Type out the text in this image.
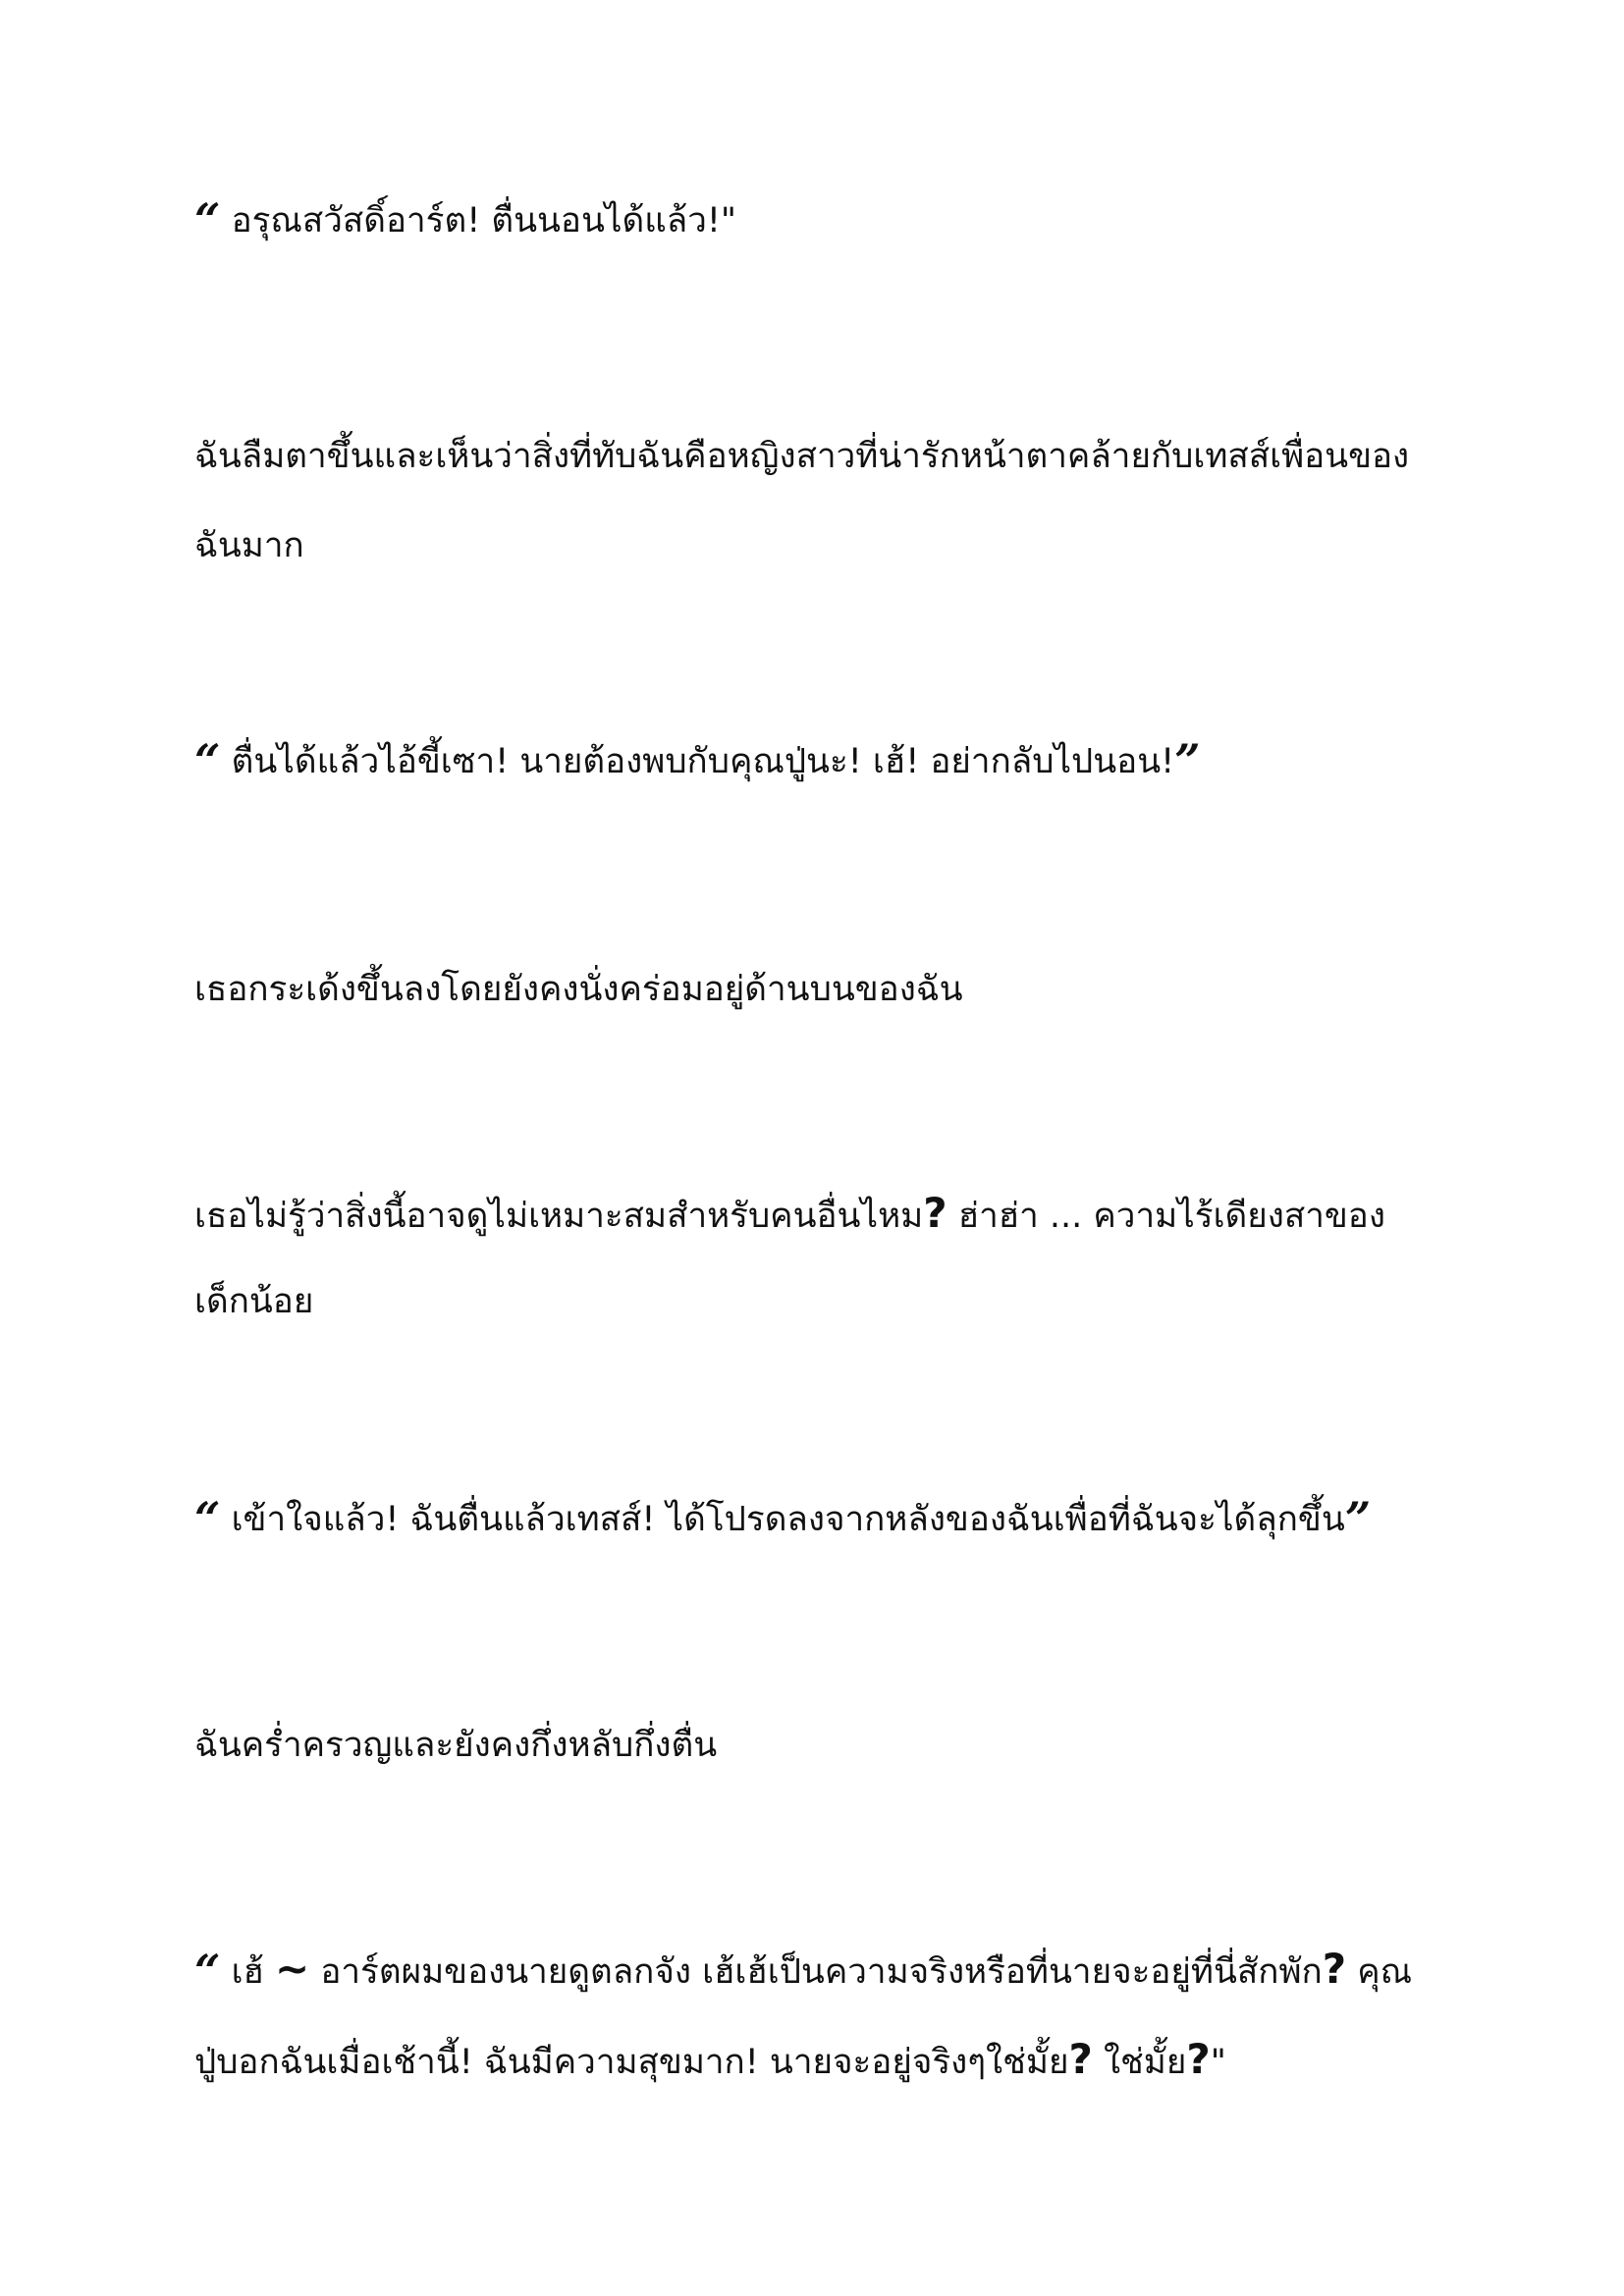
“ อรุณสวัสดิ์อาร์ต! ตื่นนอนได้แล้ว!"
ฉันลืมตาขึ้นและเห็นว่าสิ่งที่ทับฉันคือหญิงสาวที่น่ารักหน้าตาคล้ายกับเทสส์เพื่อนของ
ฉันมาก
“ ตื่นได้แล้วไอ้ขี้เซา! นายต้องพบกับคุณปู่นะ! เฮ้! อย่ากลับไปนอน!”
เธอกระเด้งขึ้นลงโดยยังคงนั่งคร่อมอยู่ด้านบนของฉัน
เธอไม่รู้ว่าสิ่งนี้อาจดูไม่เหมาะสมสำหรับคนอื่นไหม? ฮ่าฮ่า ... ความไร้เดียงสาของ
เด็กน้อย
“ เข้าใจแล้ว! ฉันตื่นแล้วเทสส์! ได้โปรดลงจากหลังของฉันเพื่อที่ฉันจะได้ลุกขึ้น”
ฉันคร่ำครวญและยังคงกึ่งหลับกึ่งตื่น
“ เฮ้ ~ อาร์ตผมของนายดูตลกจัง เฮ้เฮ้เป็นความจริงหรือที่นายจะอยู่ที่นี่สักพัก? คุณ
ปู่บอกฉันเมื่อเช้านี้! ฉันมีความสุขมาก! นายจะอยู่จริงๆใช่มั้ย? ใช่มั้ย?"
